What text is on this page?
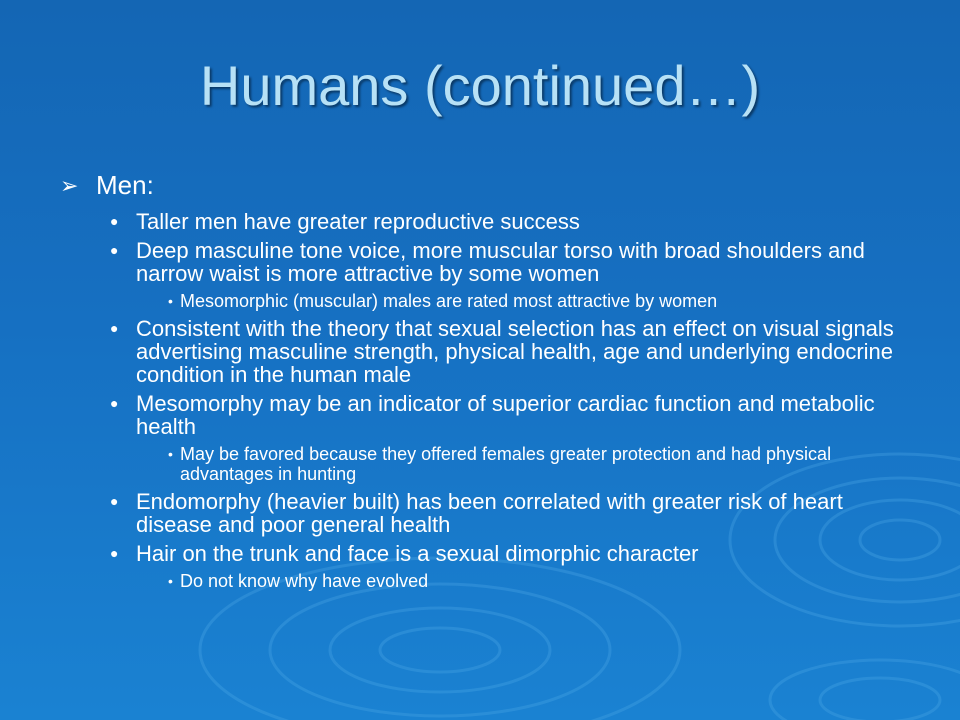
Humans (continued…)
➢ Men:
● Taller men have greater reproductive success
● Deep masculine tone voice, more muscular torso with broad shoulders and narrow waist is more attractive by some women
• Mesomorphic (muscular) males are rated most attractive by women
● Consistent with the theory that sexual selection has an effect on visual signals advertising masculine strength, physical health, age and underlying endocrine condition in the human male
● Mesomorphy may be an indicator of superior cardiac function and metabolic health
• May be favored because they offered females greater protection and had physical advantages in hunting
● Endomorphy (heavier built) has been correlated with greater risk of heart disease and poor general health
● Hair on the trunk and face is a sexual dimorphic character
• Do not know why have evolved
